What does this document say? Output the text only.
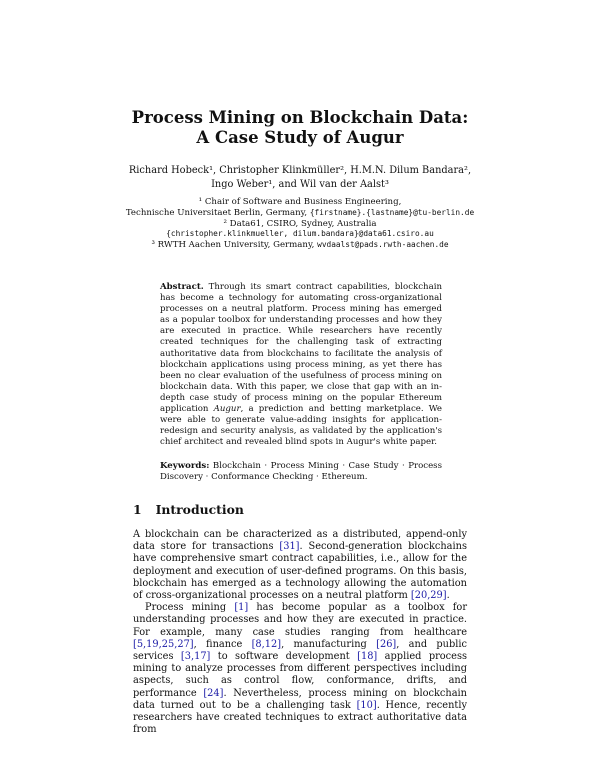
Process Mining on Blockchain Data:
A Case Study of Augur
Richard Hobeck¹, Christopher Klinkmüller², H.M.N. Dilum Bandara²,
Ingo Weber¹, and Wil van der Aalst³
¹ Chair of Software and Business Engineering,
Technische Universitaet Berlin, Germany, {firstname}.{lastname}@tu-berlin.de
² Data61, CSIRO, Sydney, Australia
{christopher.klinkmueller, dilum.bandara}@data61.csiro.au
³ RWTH Aachen University, Germany, wvdaalst@pads.rwth-aachen.de

Abstract. Through its smart contract capabilities, blockchain has become a technology for automating cross-organizational processes on a neutral platform. Process mining has emerged as a popular toolbox for understanding processes and how they are executed in practice. While researchers have recently created techniques for the challenging task of extracting authoritative data from blockchains to facilitate the analysis of blockchain applications using process mining, as yet there has been no clear evaluation of the usefulness of process mining on blockchain data. With this paper, we close that gap with an in-depth case study of process mining on the popular Ethereum application Augur, a prediction and betting marketplace. We were able to generate value-adding insights for application-redesign and security analysis, as validated by the application's chief architect and revealed blind spots in Augur's white paper.

Keywords: Blockchain · Process Mining · Case Study · Process Discovery · Conformance Checking · Ethereum.

1 Introduction

A blockchain can be characterized as a distributed, append-only data store for transactions [31]. Second-generation blockchains have comprehensive smart contract capabilities, i.e., allow for the deployment and execution of user-defined programs. On this basis, blockchain has emerged as a technology allowing the automation of cross-organizational processes on a neutral platform [20,29].

Process mining [1] has become popular as a toolbox for understanding processes and how they are executed in practice. For example, many case studies ranging from healthcare [5,19,25,27], finance [8,12], manufacturing [26], and public services [3,17] to software development [18] applied process mining to analyze processes from different perspectives including aspects, such as control flow, conformance, drifts, and performance [24]. Nevertheless, process mining on blockchain data turned out to be a challenging task [10]. Hence, recently researchers have created techniques to extract authoritative data from
